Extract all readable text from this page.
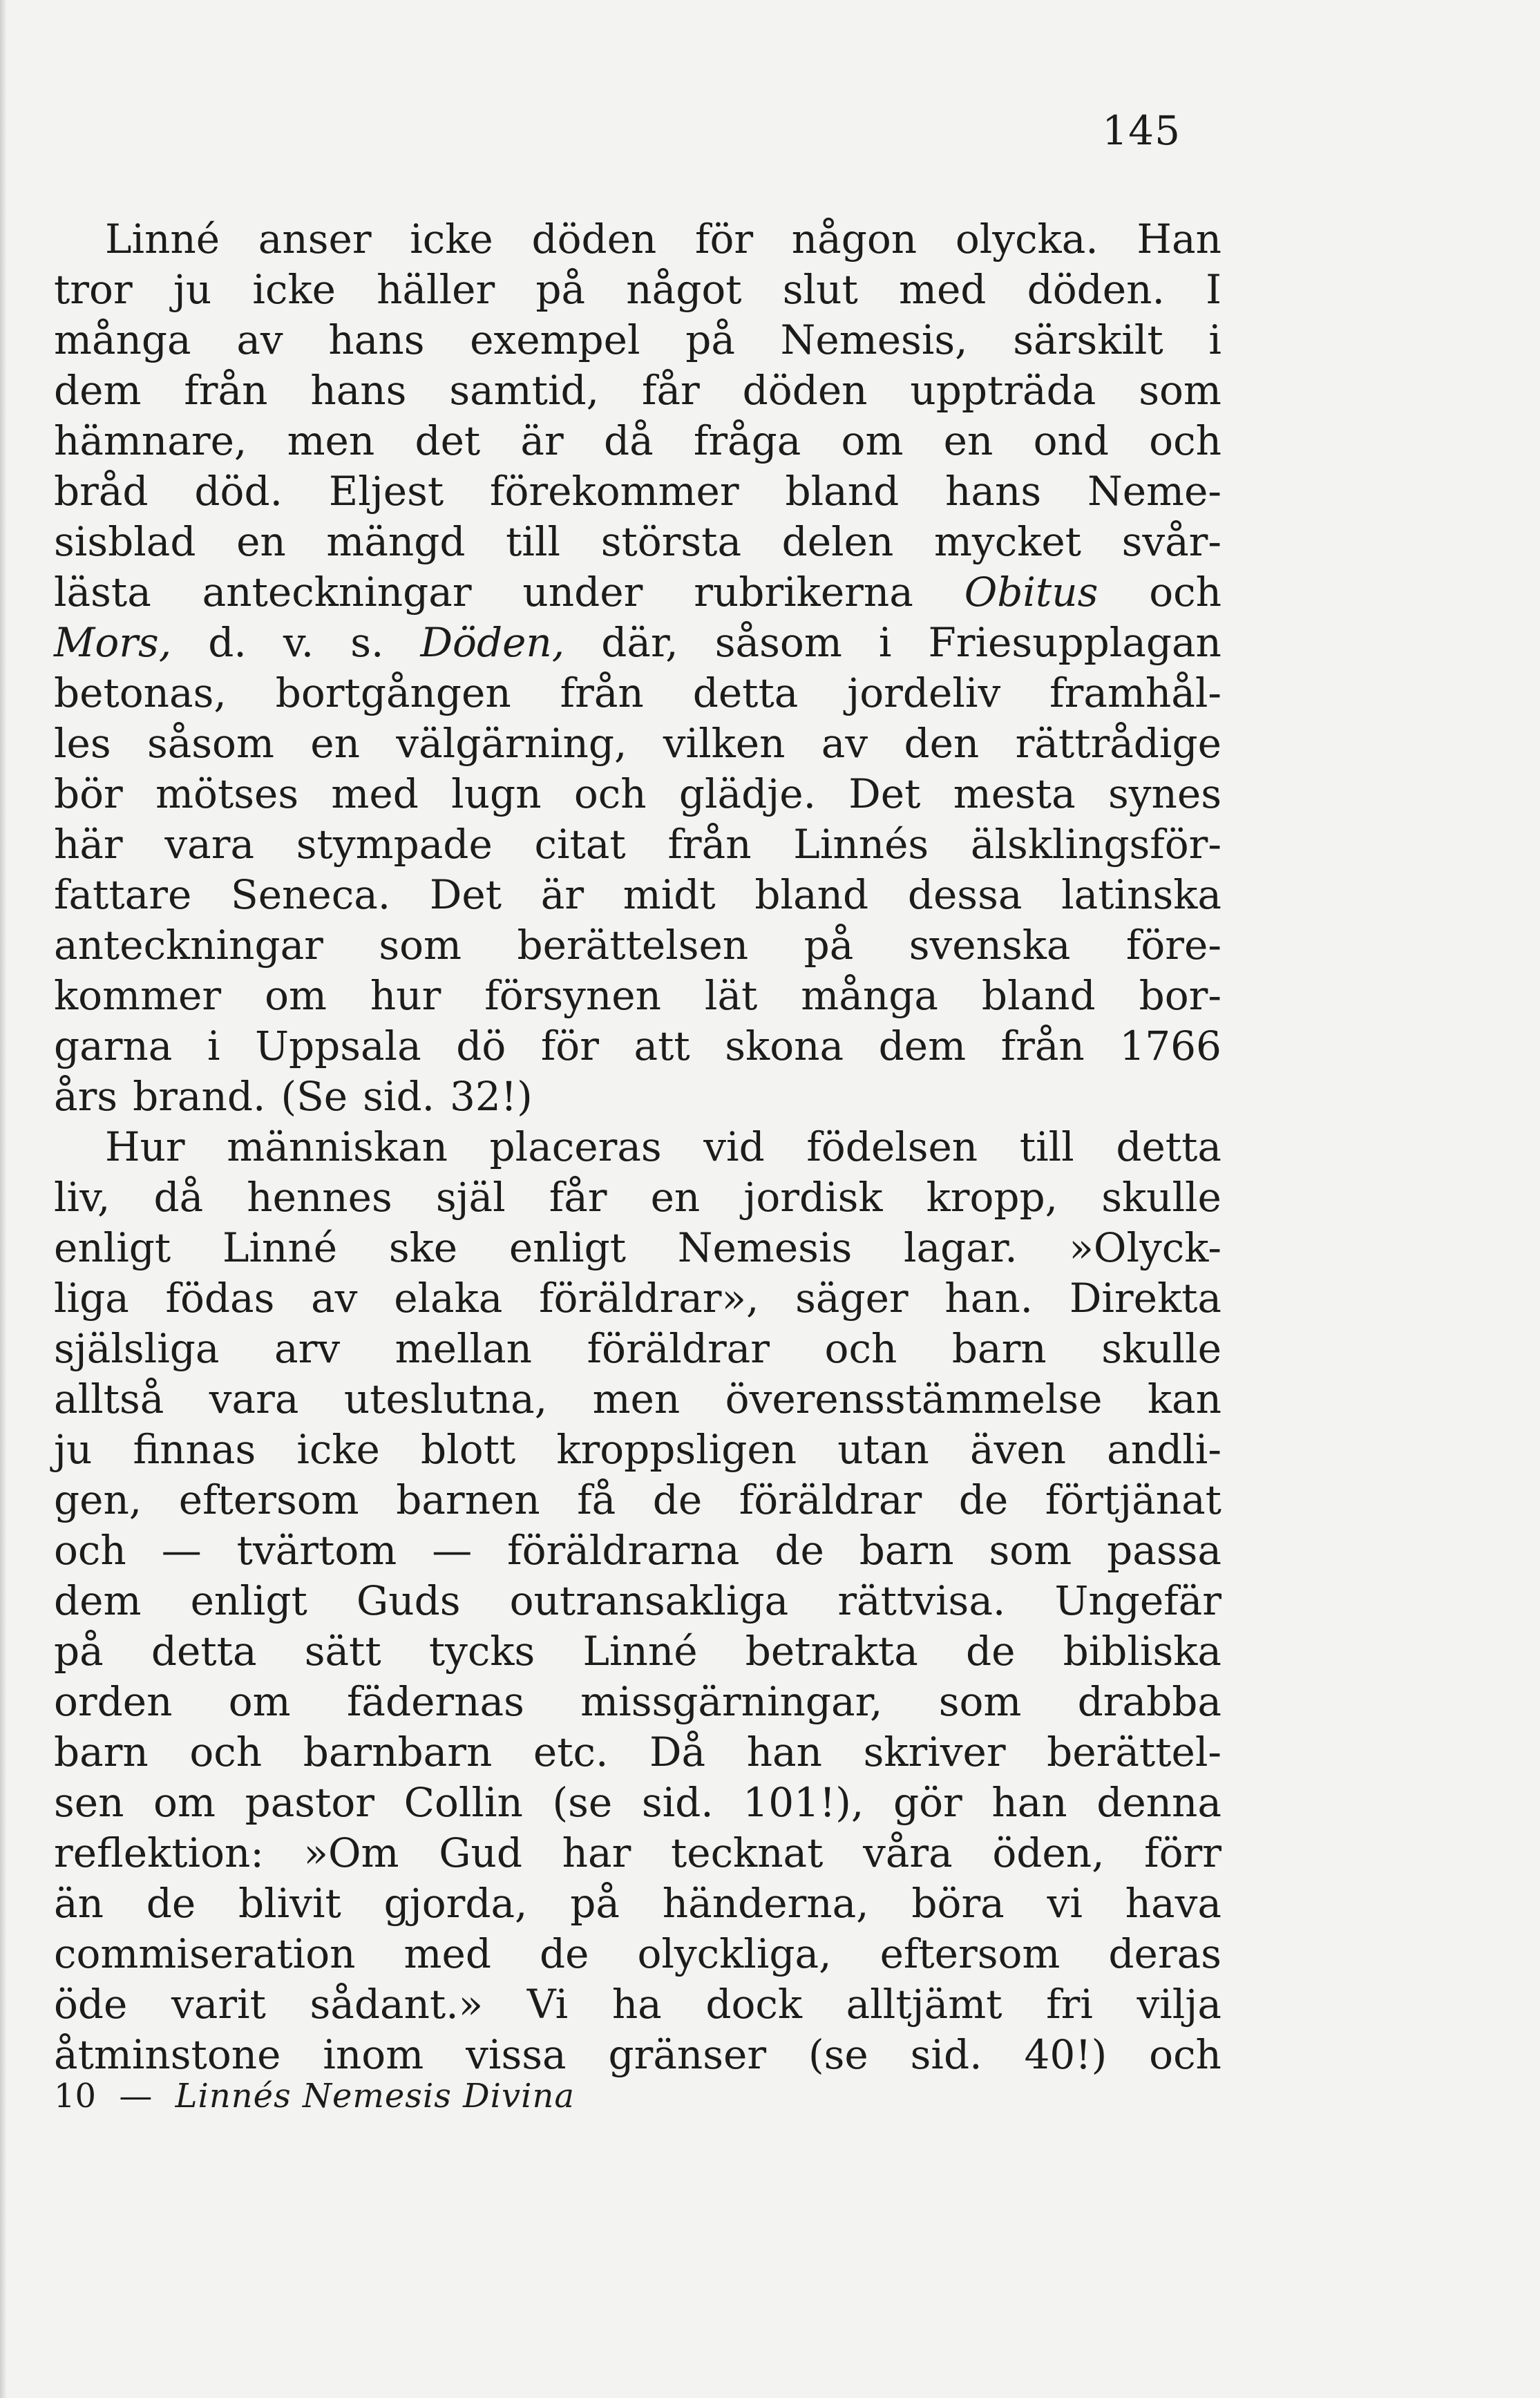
145
Linné anser icke döden för någon olycka. Han
tror ju icke häller på något slut med döden. I
många av hans exempel på Nemesis, särskilt i
dem från hans samtid, får döden uppträda som
hämnare, men det är då fråga om en ond och
bråd död. Eljest förekommer bland hans Neme-
sisblad en mängd till största delen mycket svår-
lästa anteckningar under rubrikerna Obitus och
Mors, d. v. s. Döden, där, såsom i Friesupplagan
betonas, bortgången från detta jordeliv framhål-
les såsom en välgärning, vilken av den rättrådige
bör mötses med lugn och glädje. Det mesta synes
här vara stympade citat från Linnés älsklingsför-
fattare Seneca. Det är midt bland dessa latinska
anteckningar som berättelsen på svenska före-
kommer om hur försynen lät många bland bor-
garna i Uppsala dö för att skona dem från 1766
års brand. (Se sid. 32!)
Hur människan placeras vid födelsen till detta
liv, då hennes själ får en jordisk kropp, skulle
enligt Linné ske enligt Nemesis lagar. »Olyck-
liga födas av elaka föräldrar», säger han. Direkta
själsliga arv mellan föräldrar och barn skulle
alltså vara uteslutna, men överensstämmelse kan
ju finnas icke blott kroppsligen utan även andli-
gen, eftersom barnen få de föräldrar de förtjänat
och — tvärtom — föräldrarna de barn som passa
dem enligt Guds outransakliga rättvisa. Ungefär
på detta sätt tycks Linné betrakta de bibliska
orden om fädernas missgärningar, som drabba
barn och barnbarn etc. Då han skriver berättel-
sen om pastor Collin (se sid. 101!), gör han denna
reflektion: »Om Gud har tecknat våra öden, förr
än de blivit gjorda, på händerna, böra vi hava
commiseration med de olyckliga, eftersom deras
öde varit sådant.» Vi ha dock alltjämt fri vilja
åtminstone inom vissa gränser (se sid. 40!) och
10 — Linnés Nemesis Divina
